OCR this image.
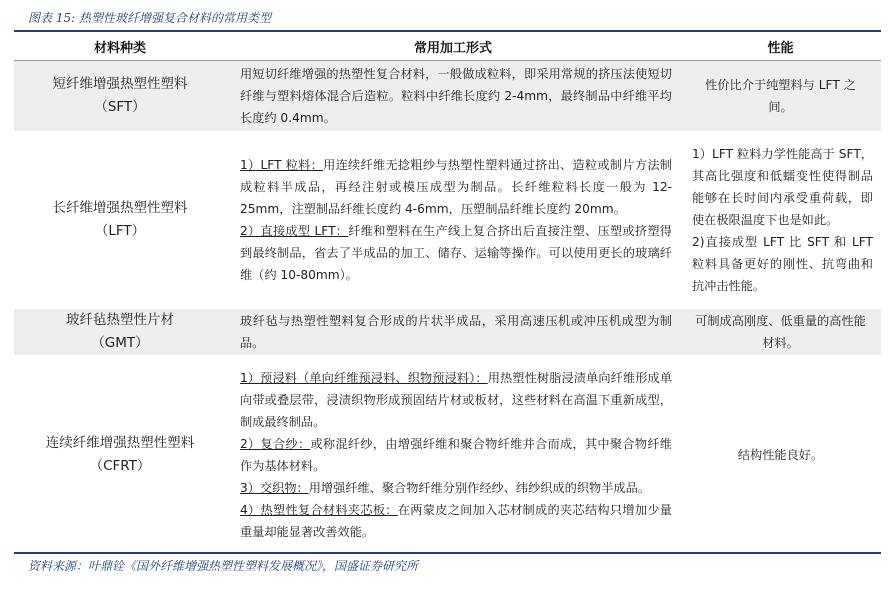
图表 15: 热塑性玻纤增强复合材料的常用类型
材料种类	常用加工形式	性能

短纤维增强热塑性塑料
（SFT）	用短切纤维增强的热塑性复合材料，一般做成粒料，即采用常规的挤压法使短切纤维与塑料熔体混合后造粒。粒料中纤维长度约 2-4mm，最终制品中纤维平均长度约 0.4mm。	性价比介于纯塑料与 LFT 之间。

长纤维增强热塑性塑料
（LFT）	1）LFT 粒料：用连续纤维无捻粗纱与热塑性塑料通过挤出、造粒或制片方法制成粒料半成品，再经注射或模压成型为制品。长纤维粒料长度一般为 12-25mm，注塑制品纤维长度约 4-6mm，压塑制品纤维长度约 20mm。
2）直接成型 LFT：纤维和塑料在生产线上复合挤出后直接注塑、压塑或挤塑得到最终制品，省去了半成品的加工、储存、运输等操作。可以使用更长的玻璃纤维（约 10-80mm）。	1）LFT 粒料力学性能高于 SFT，其高比强度和低蠕变性使得制品能够在长时间内承受重荷载，即使在极限温度下也是如此。
2)直接成型 LFT 比 SFT 和 LFT 粒料具备更好的刚性、抗弯曲和抗冲击性能。

玻纤毡热塑性片材
（GMT）	玻纤毡与热塑性塑料复合形成的片状半成品，采用高速压机或冲压机成型为制品。	可制成高刚度、低重量的高性能材料。

连续纤维增强热塑性塑料
（CFRT）	1）预浸料（单向纤维预浸料、织物预浸料）：用热塑性树脂浸渍单向纤维形成单向带或叠层带，浸渍织物形成预固结片材或板材，这些材料在高温下重新成型，制成最终制品。
2）复合纱：或称混纤纱，由增强纤维和聚合物纤维并合而成，其中聚合物纤维作为基体材料。
3）交织物：用增强纤维、聚合物纤维分别作经纱、纬纱织成的织物半成品。
4）热塑性复合材料夹芯板：在两蒙皮之间加入芯材制成的夹芯结构只增加少量重量却能显著改善效能。	结构性能良好。
资料来源：叶鼎铨《国外纤维增强热塑性塑料发展概况》，国盛证券研究所
